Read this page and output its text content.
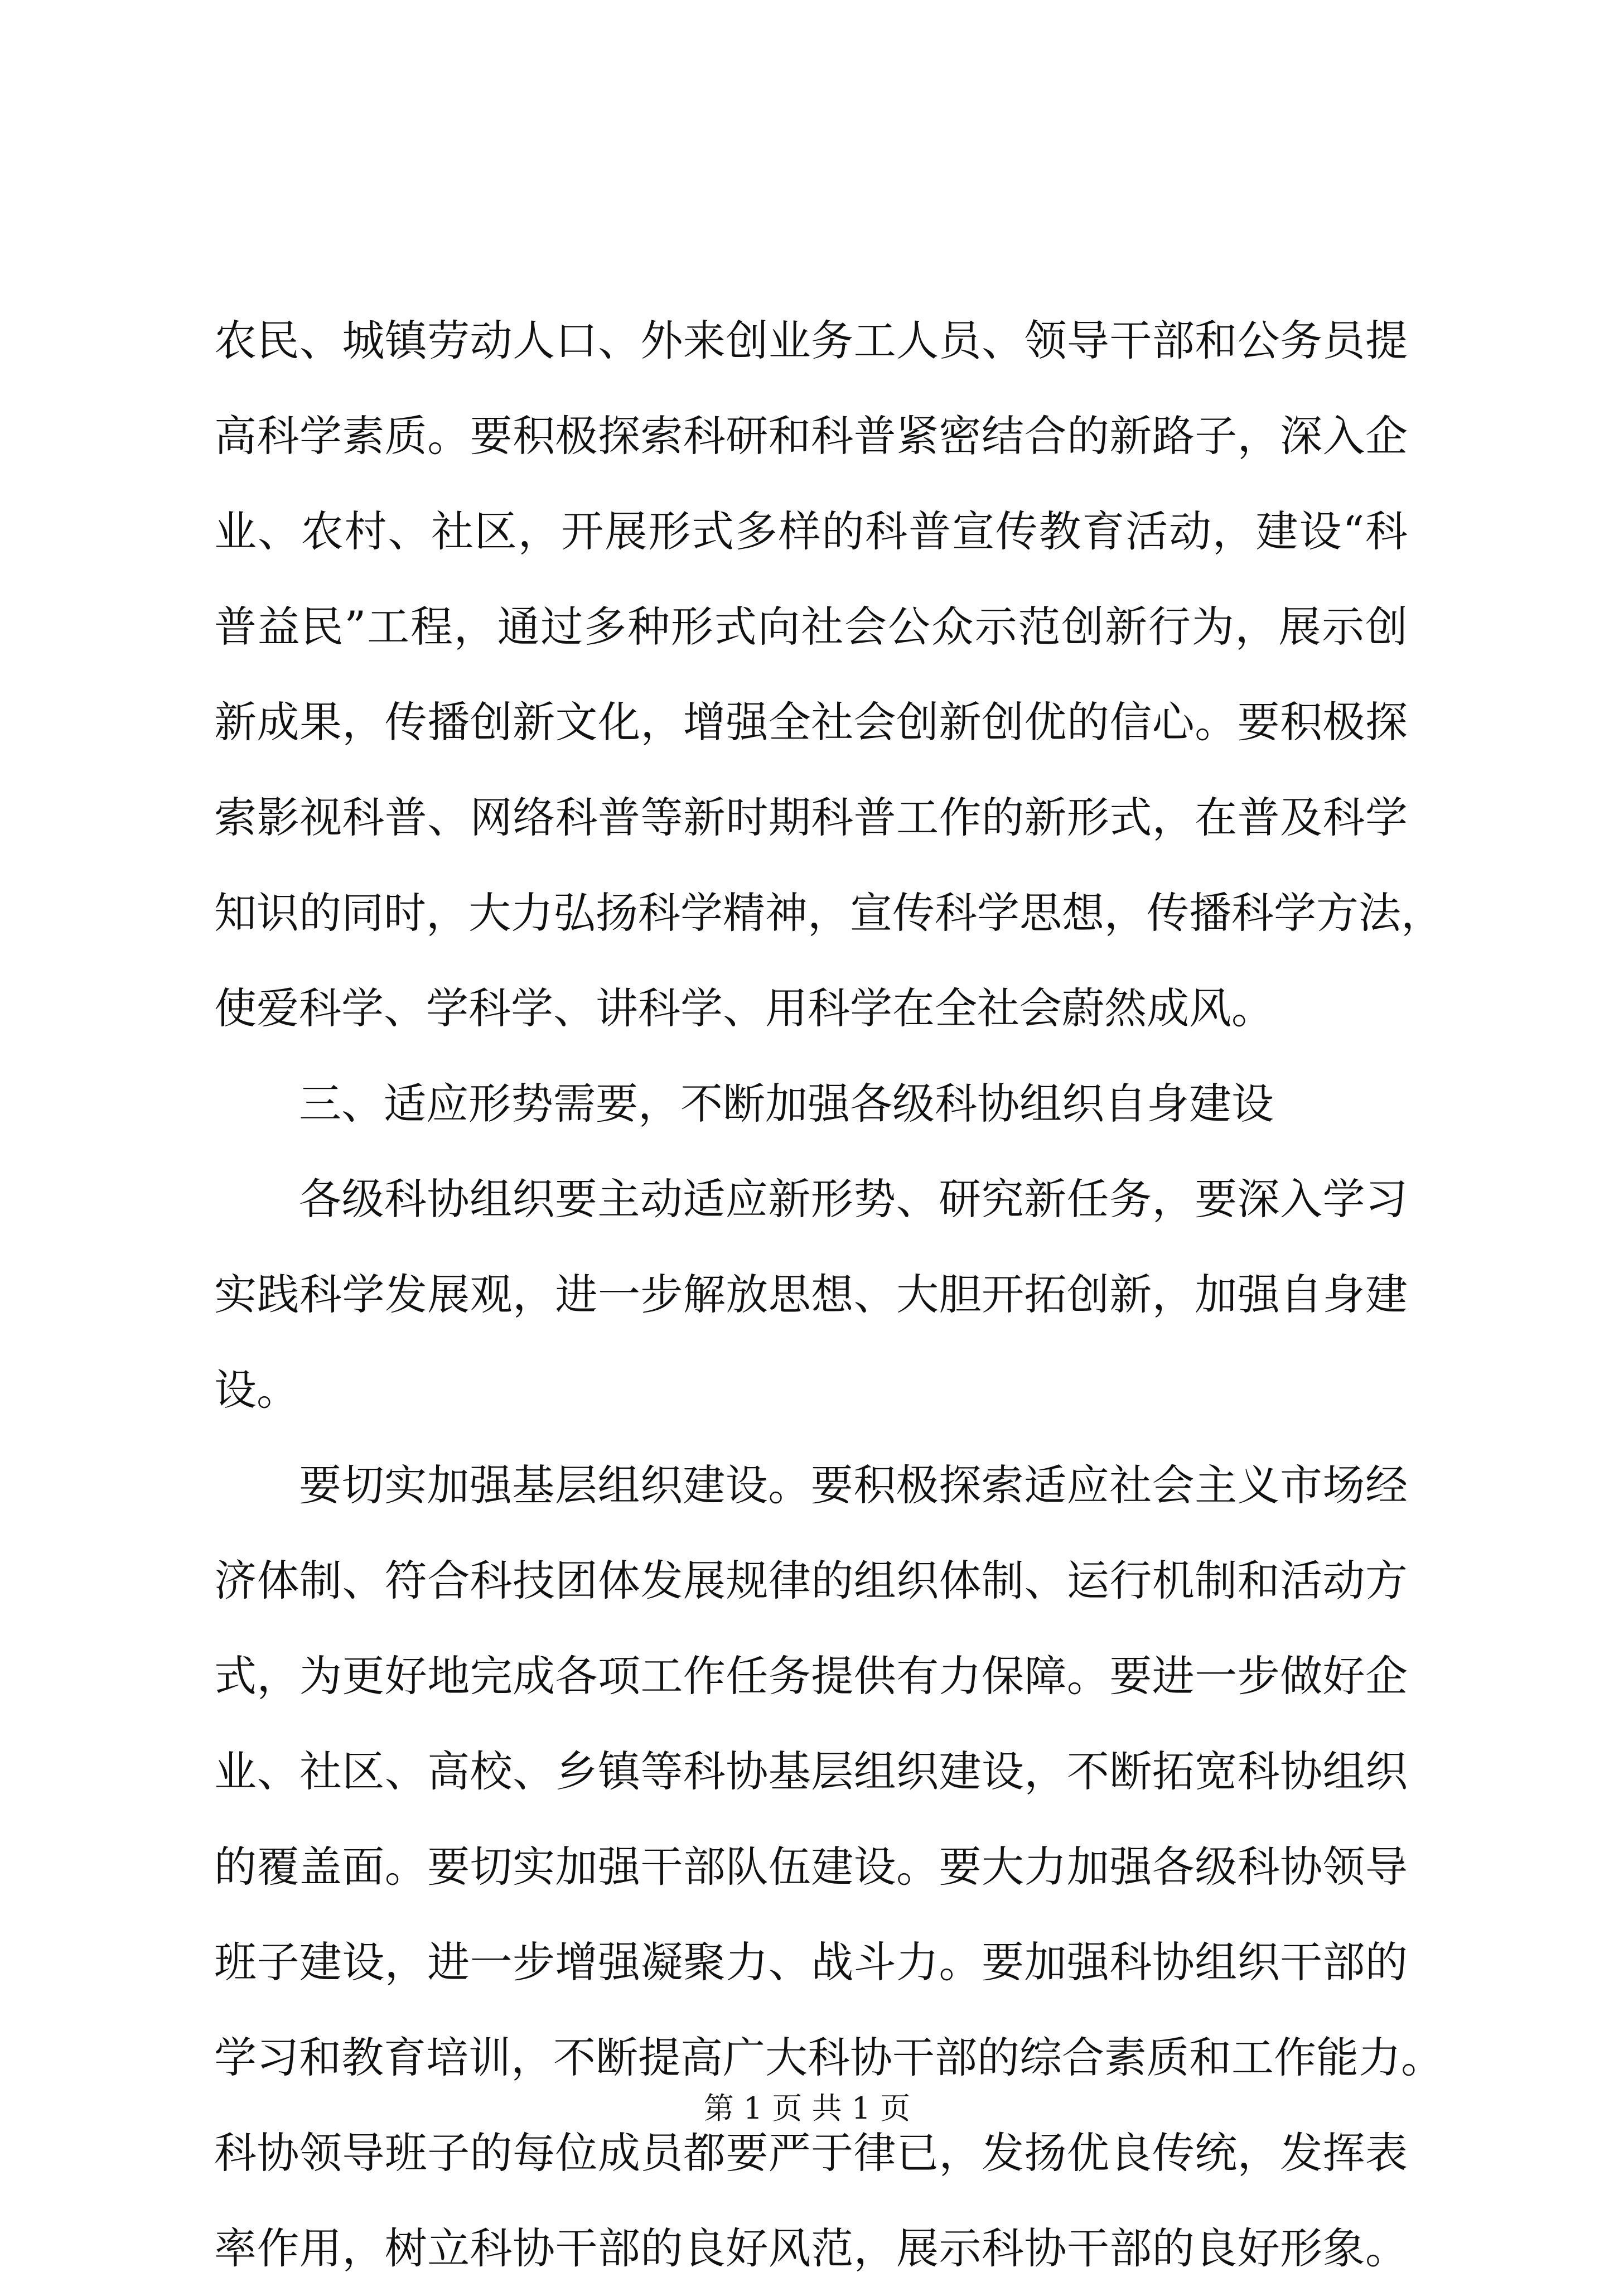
农民、城镇劳动人口、外来创业务工人员、领导干部和公务员提
高科学素质。要积极探索科研和科普紧密结合的新路子，深入企
业、农村、社区，开展形式多样的科普宣传教育活动，建设“科
普益民”工程，通过多种形式向社会公众示范创新行为，展示创
新成果，传播创新文化，增强全社会创新创优的信心。要积极探
索影视科普、网络科普等新时期科普工作的新形式，在普及科学
知识的同时，大力弘扬科学精神，宣传科学思想，传播科学方法，
使爱科学、学科学、讲科学、用科学在全社会蔚然成风。
三、适应形势需要，不断加强各级科协组织自身建设
各级科协组织要主动适应新形势、研究新任务，要深入学习
实践科学发展观，进一步解放思想、大胆开拓创新，加强自身建
设。
要切实加强基层组织建设。要积极探索适应社会主义市场经
济体制、符合科技团体发展规律的组织体制、运行机制和活动方
式，为更好地完成各项工作任务提供有力保障。要进一步做好企
业、社区、高校、乡镇等科协基层组织建设，不断拓宽科协组织
的覆盖面。要切实加强干部队伍建设。要大力加强各级科协领导
班子建设，进一步增强凝聚力、战斗力。要加强科协组织干部的
学习和教育培训，不断提高广大科协干部的综合素质和工作能力。
科协领导班子的每位成员都要严于律已，发扬优良传统，发挥表
率作用，树立科协干部的良好风范，展示科协干部的良好形象。
第 1 页 共 1 页
